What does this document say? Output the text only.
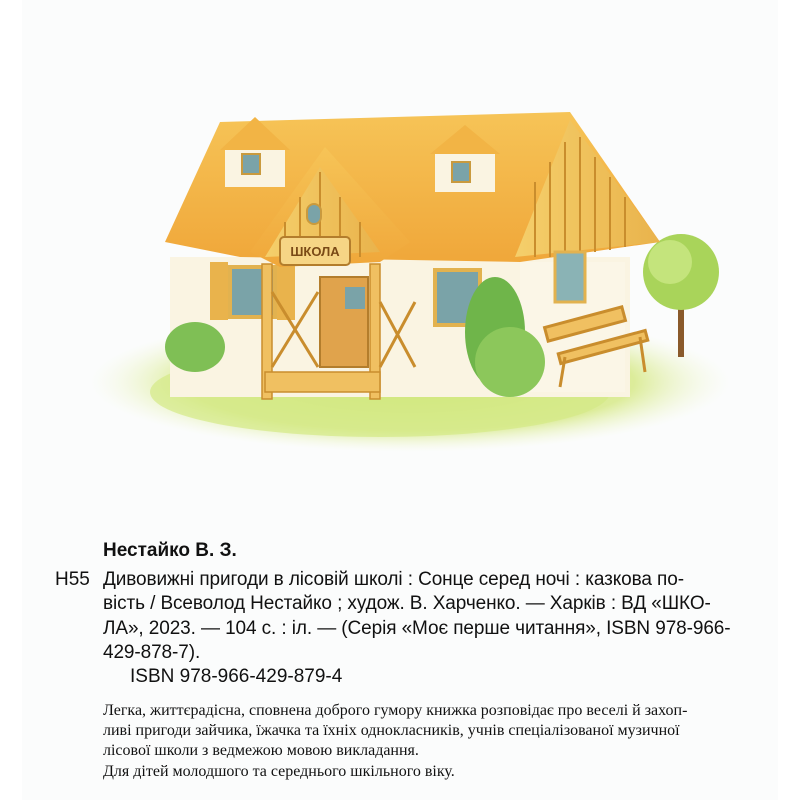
ШКОЛА
Нестайко В. З.
Н55 Дивовижні пригоди в лісовій школі : Сонце серед ночі : казкова по-
вість / Всеволод Нестайко ; худож. В. Харченко. — Харків : ВД «ШКО-
ЛА», 2023. — 104 с. : іл. — (Серія «Моє перше читання», ISBN 978-966-
429-878-7).
ISBN 978-966-429-879-4
Легка, життєрадісна, сповнена доброго гумору книжка розповідає про веселі й захоп-
ливі пригоди зайчика, їжачка та їхніх однокласників, учнів спеціалізованої музичної
лісової школи з ведмежою мовою викладання.
Для дітей молодшого та середнього шкільного віку.
